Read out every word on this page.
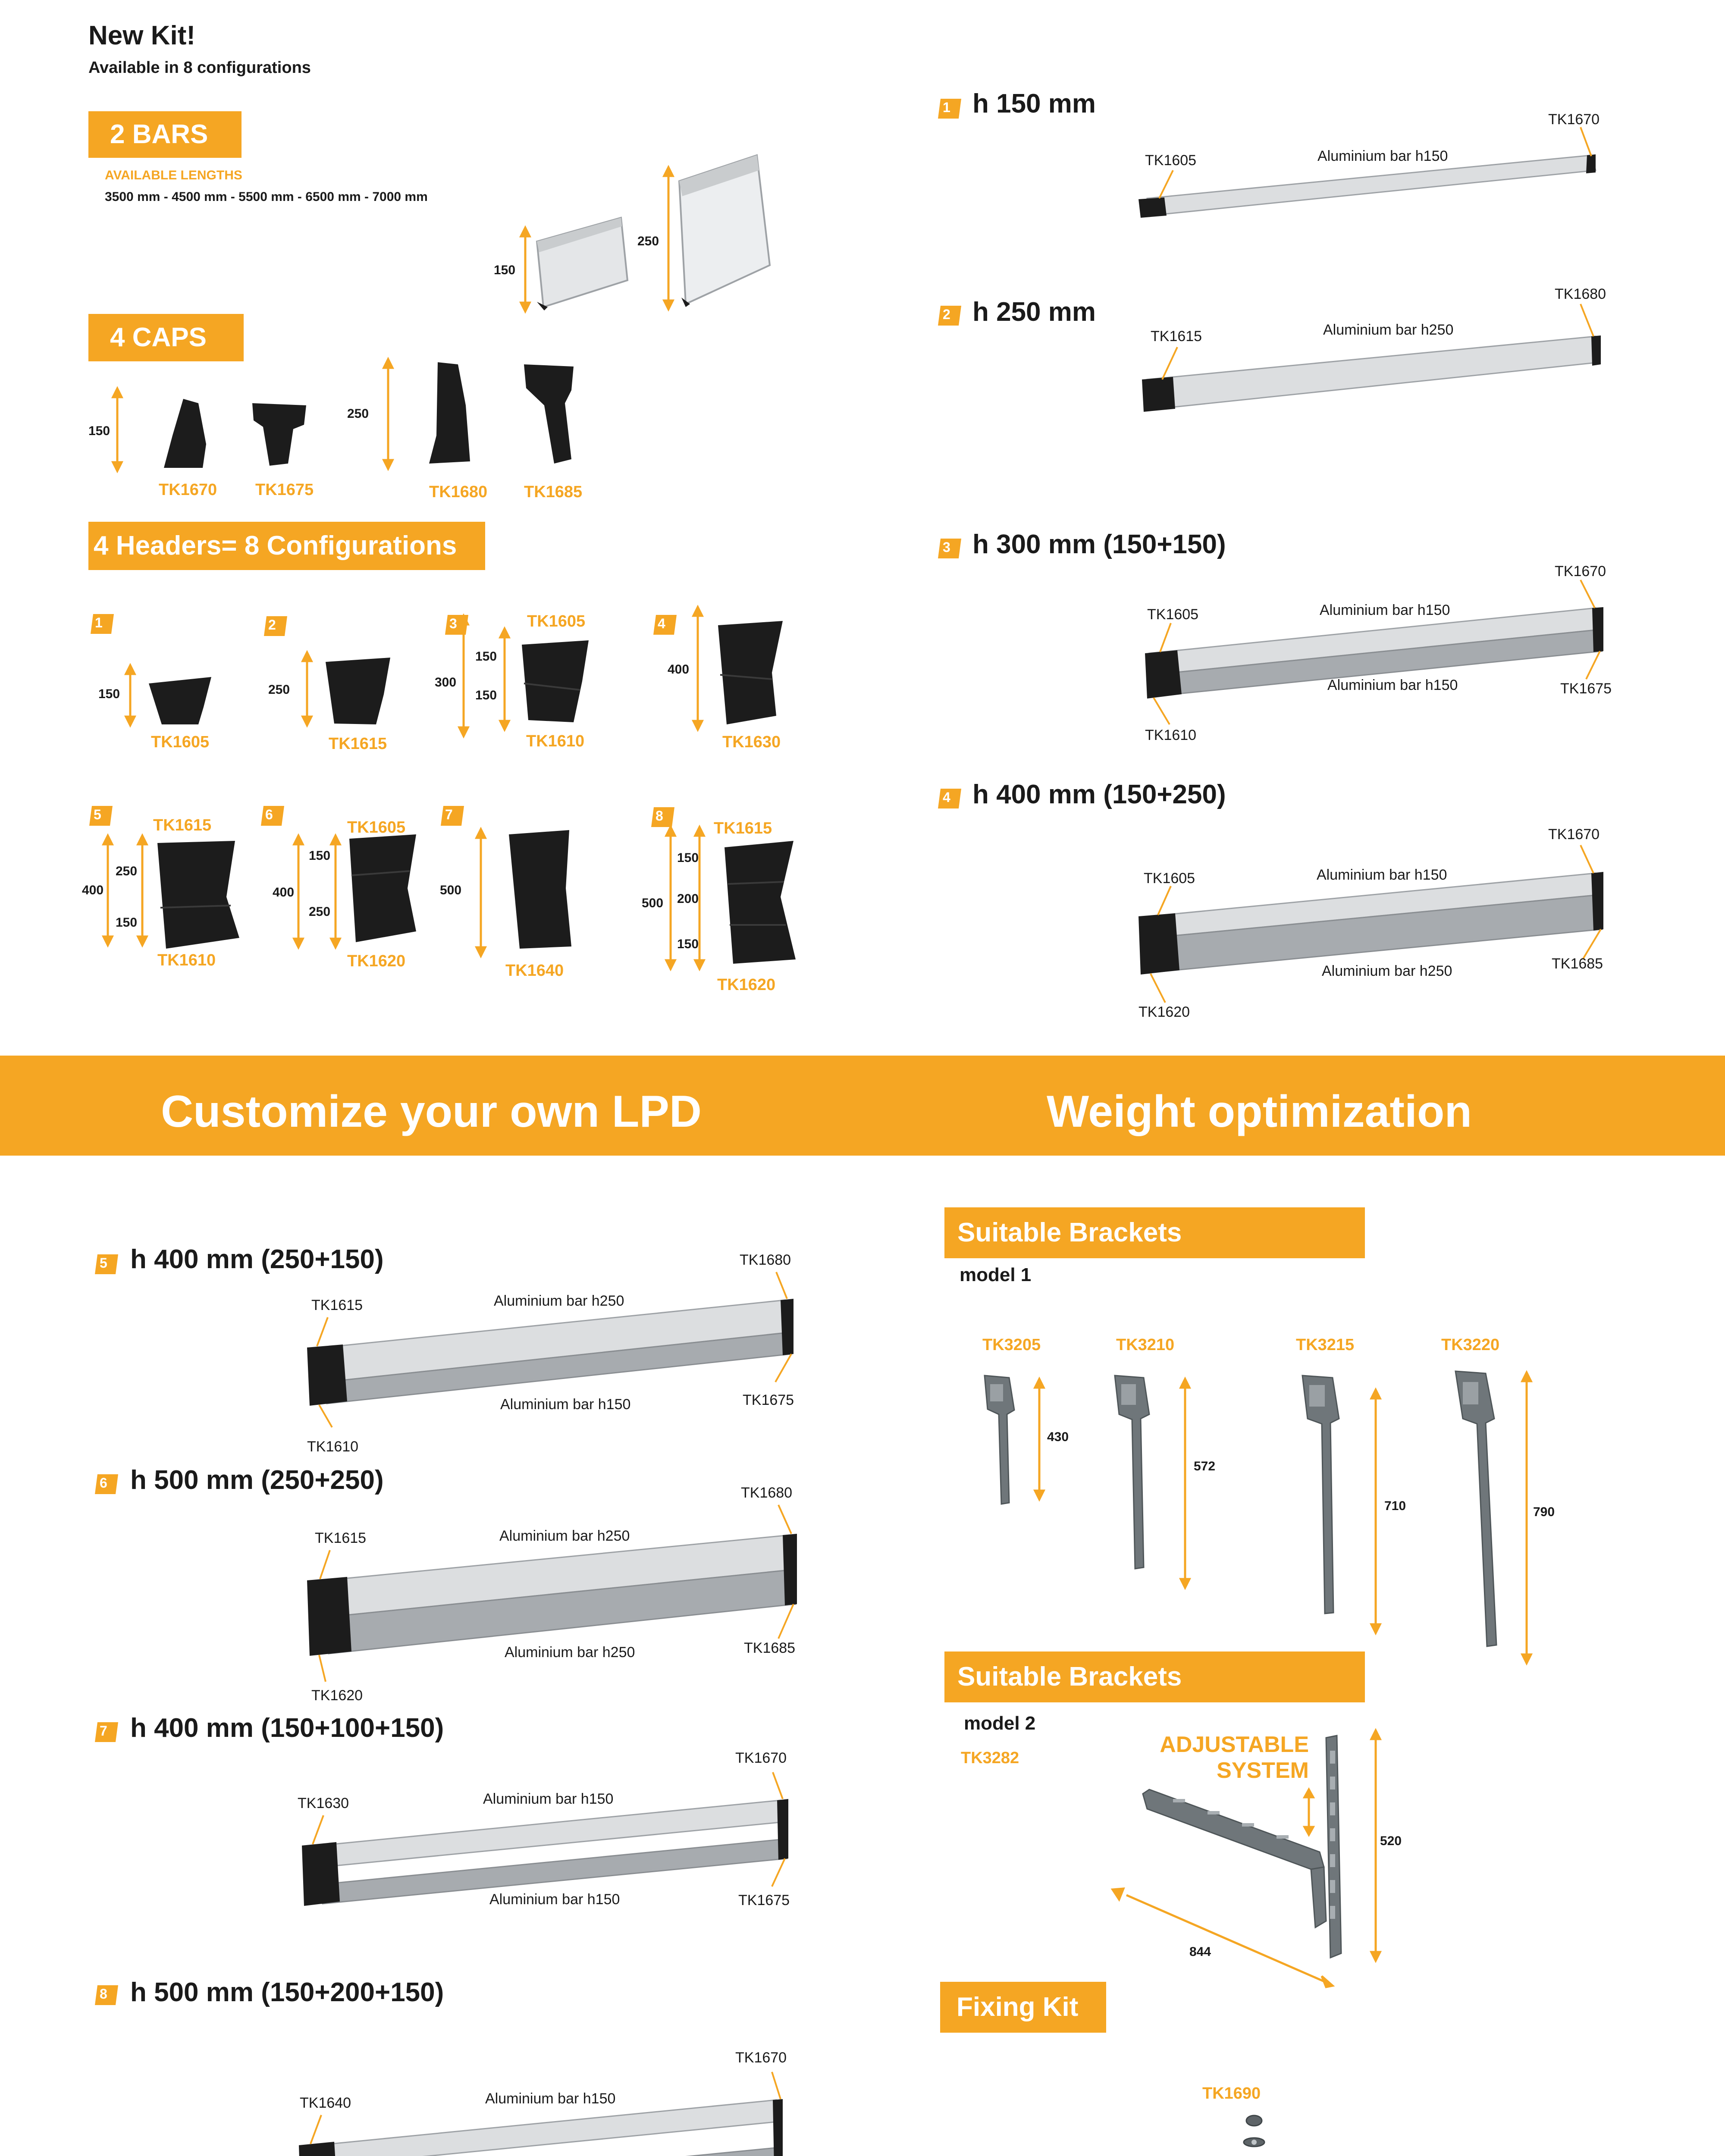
New Kit!
Available in 8 configurations
2 BARS
AVAILABLE LENGTHS
3500 mm - 4500 mm - 5500 mm - 6500 mm - 7000 mm
150
250
4 CAPS
150
250
TK1670 TK1675	TK1680 TK1685
4 Headers= 8 Configurations
1	2	3	4
5	6	7	8
150
TK1605
250
TK1615
TK1605
300
150
150
TK1610
400
TK1630
TK1615
400
250
150
TK1610
TK1605
400
150
250
TK1620
500
TK1640
TK1615
500
150
200
150
TK1620
1 h 150 mm
2 h 250 mm
3 h 300 mm (150+150)
4 h 400 mm (150+250)
5 h 400 mm (250+150)
6 h 500 mm (250+250)
7 h 400 mm (150+100+150)
8 h 500 mm (150+200+150)
TK1605
TK1670
Aluminium bar h150
TK1615
TK1680
Aluminium bar h250
TK1605
TK1670
Aluminium bar h150
Aluminium bar h150
TK1610
TK1675
TK1605
TK1670
Aluminium bar h150
Aluminium bar h250
TK1620
TK1685
TK1615
TK1680
Aluminium bar h250
Aluminium bar h150
TK1610
TK1675
TK1615
TK1680
Aluminium bar h250
Aluminium bar h250
TK1620
TK1685
TK1630
TK1670
Aluminium bar h150
Aluminium bar h150	TK1675
TK1640
TK1670
Aluminium bar h150
Customize your own LPD	Weight optimization
Suitable Brackets
model 1
TK3205	TK3210	TK3215	TK3220
430
572
710	790
Suitable Brackets
model 2
TK3282
ADJUSTABLE
SYSTEM
520
844
Fixing Kit
TK1690
